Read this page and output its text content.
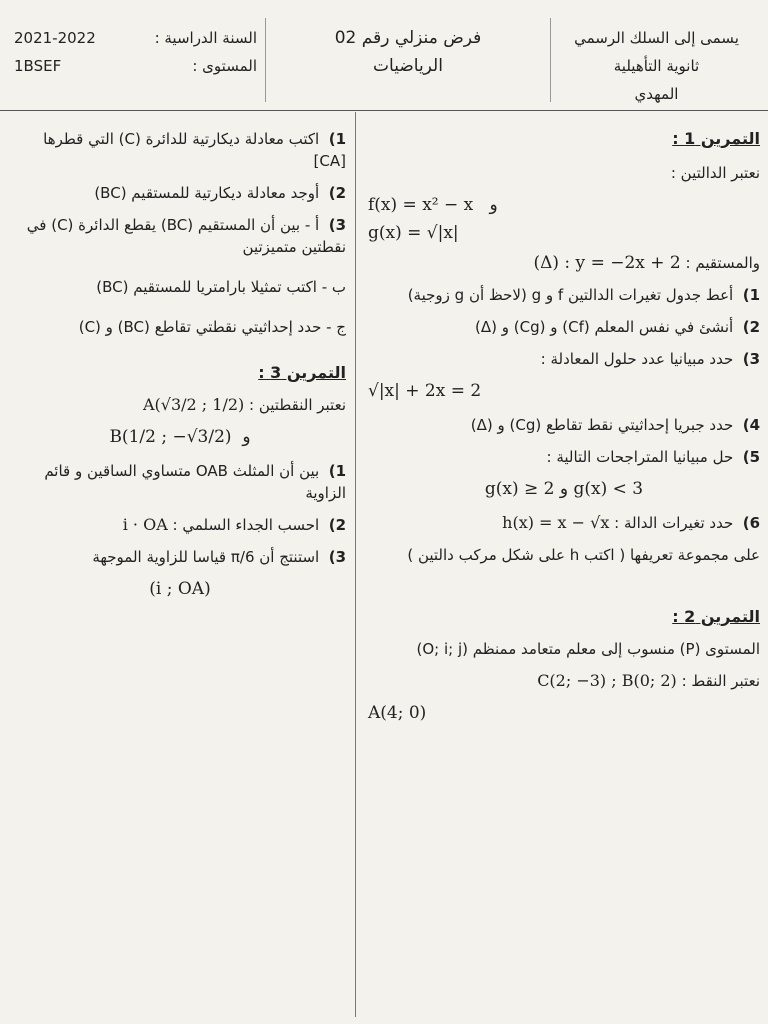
يسمى إلى السلك الرسمي
ثانوية التأهيلية
المهدي
فرض منزلي رقم 02
الرياضيات
السنة الدراسية :
2021-2022
المستوى :
1BSEF
التمرين 1 :
نعتبر الدالتين :
f(x) = x² − x و
g(x) = √|x|
والمستقيم : (Δ) : y = −2x + 2
1) أعط جدول تغيرات الدالتين f و g (لاحظ أن g زوجية)
2) أنشئ في نفس المعلم (Cf) و (Cg) و (Δ)
3) حدد مبيانيا عدد حلول المعادلة :
√|x| + 2x = 2
4) حدد جبريا إحداثيتي نقط تقاطع (Cg) و (Δ)
5) حل مبيانيا المتراجحات التالية :
g(x) ≥ 2 و g(x) < 3
6) حدد تغيرات الدالة : h(x) = x − √x
على مجموعة تعريفها ( اكتب h على شكل مركب دالتين )
التمرين 2 :
المستوى (P) منسوب إلى معلم متعامد ممنظم (O; i; j)
نعتبر النقط : C(2; −3) ; B(0; 2)
A(4; 0)
1) اكتب معادلة ديكارتية للدائرة (C) التي قطرها [CA]
2) أوجد معادلة ديكارتية للمستقيم (BC)
3) أ - بين أن المستقيم (BC) يقطع الدائرة (C) في نقطتين متميزتين
ب - اكتب تمثيلا بارامتريا للمستقيم (BC)
ج - حدد إحداثيتي نقطتي تقاطع (BC) و (C)
التمرين 3 :
نعتبر النقطتين : A(√3/2 ; 1/2)
B(1/2 ; −√3/2) و
1) بين أن المثلث OAB متساوي الساقين و قائم الزاوية
2) احسب الجداء السلمي : i · OA
3) استنتج أن π/6 قياسا للزاوية الموجهة
(i ; OA)
